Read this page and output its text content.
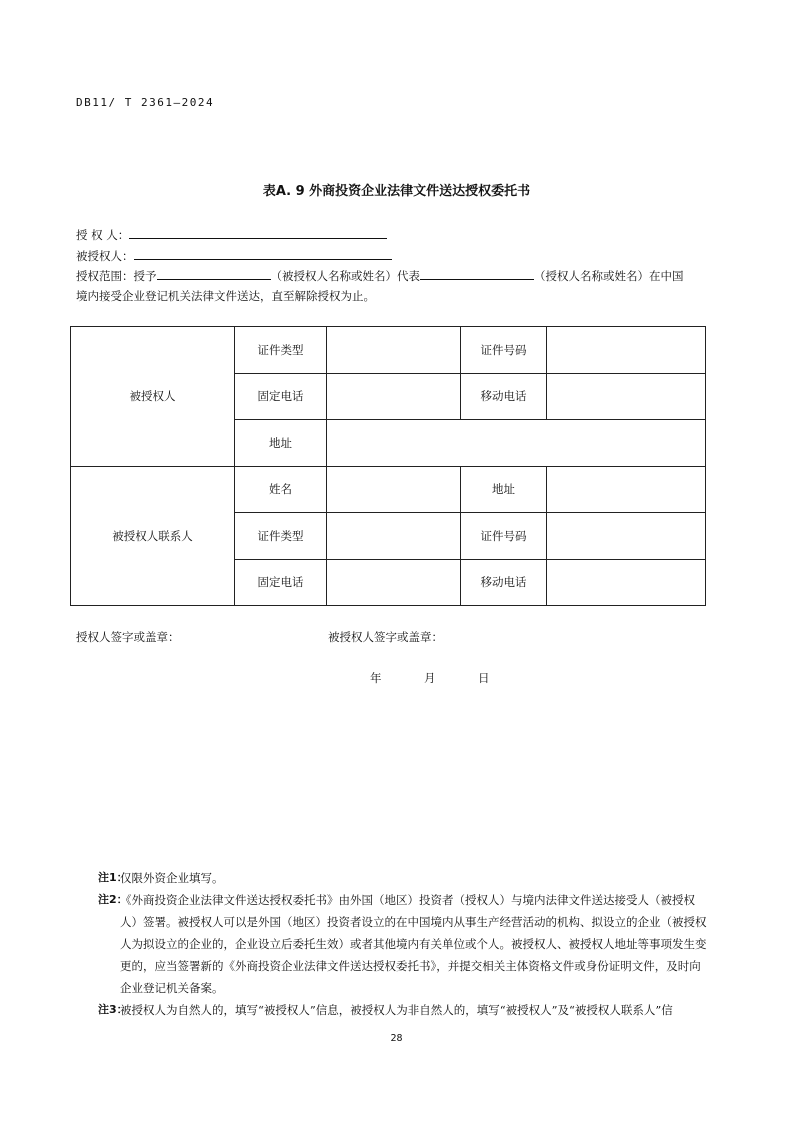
DB11/ T 2361—2024
表A. 9 外商投资企业法律文件送达授权委托书
授 权 人：
被授权人：
授权范围：授予	（被授权人名称或姓名）代表	（授权人名称或姓名）在中国
境内接受企业登记机关法律文件送达，直至解除授权为止。
被授权人	证件类型		证件号码	
	固定电话		移动电话	
	地址			
被授权人联系人	姓名		地址	
	证件类型		证件号码	
	固定电话		移动电话	
授权人签字或盖章：	被授权人签字或盖章：
年	月	日
注1：
仅限外资企业填写。
注2：
《外商投资企业法律文件送达授权委托书》由外国（地区）投资者（授权人）与境内法律文件送达接受人（被授权人）签署。被授权人可以是外国（地区）投资者设立的在中国境内从事生产经营活动的机构、拟设立的企业（被授权人为拟设立的企业的，企业设立后委托生效）或者其他境内有关单位或个人。被授权人、被授权人地址等事项发生变更的，应当签署新的《外商投资企业法律文件送达授权委托书》，并提交相关主体资格文件或身份证明文件，及时向企业登记机关备案。
注3：
被授权人为自然人的，填写“被授权人”信息，被授权人为非自然人的，填写“被授权人”及“被授权人联系人”信
28
